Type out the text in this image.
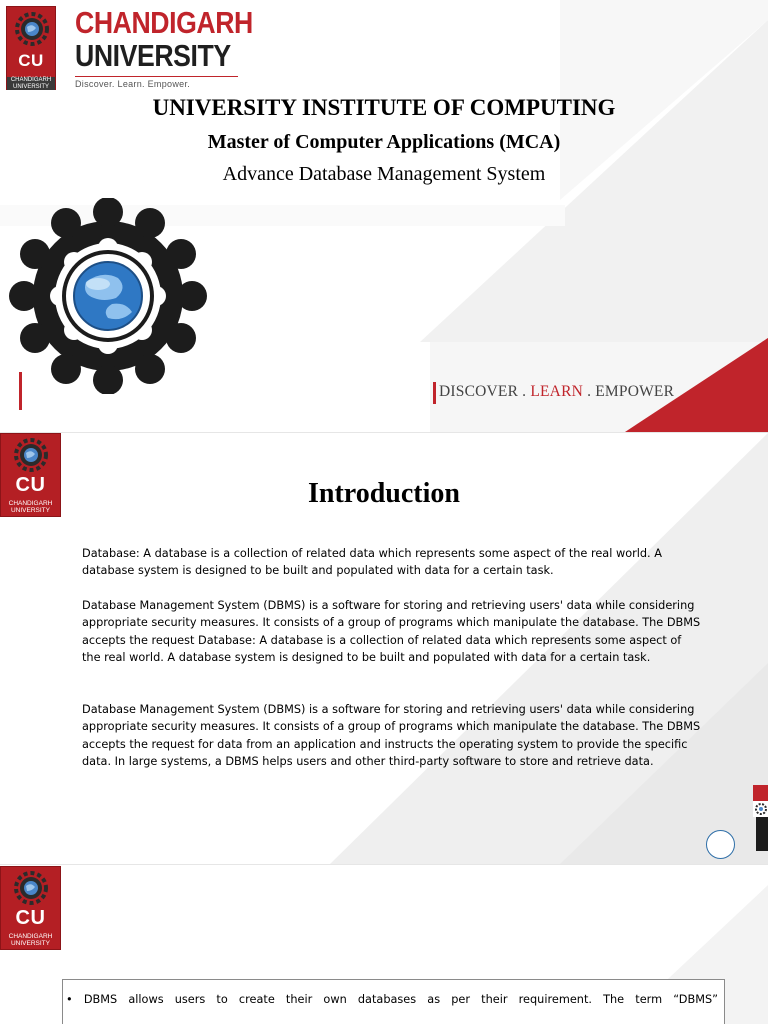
CU
CHANDIGARH
UNIVERSITY
CHANDIGARH
UNIVERSITY
Discover. Learn. Empower.
UNIVERSITY INSTITUTE OF COMPUTING
Master of Computer Applications (MCA)
Advance Database Management System
DISCOVER . LEARN . EMPOWER
CU
CHANDIGARH
UNIVERSITY
Introduction

Database: A database is a collection of related data which represents some aspect of the real world. A database system is designed to be built and populated with data for a certain task.

Database Management System (DBMS) is a software for storing and retrieving users' data while considering appropriate security measures. It consists of a group of programs which manipulate the database. The DBMS accepts the request Database: A database is a collection of related data which represents some aspect of the real world. A database system is designed to be built and populated with data for a certain task.

Database Management System (DBMS) is a software for storing and retrieving users' data while considering appropriate security measures. It consists of a group of programs which manipulate the database. The DBMS accepts the request for data from an application and instructs the operating system to provide the specific data. In large systems, a DBMS helps users and other third-party software to store and retrieve data.

CU
CHANDIGARH
UNIVERSITY
• DBMS allows users to create their own databases as per their requirement. The term “DBMS”
